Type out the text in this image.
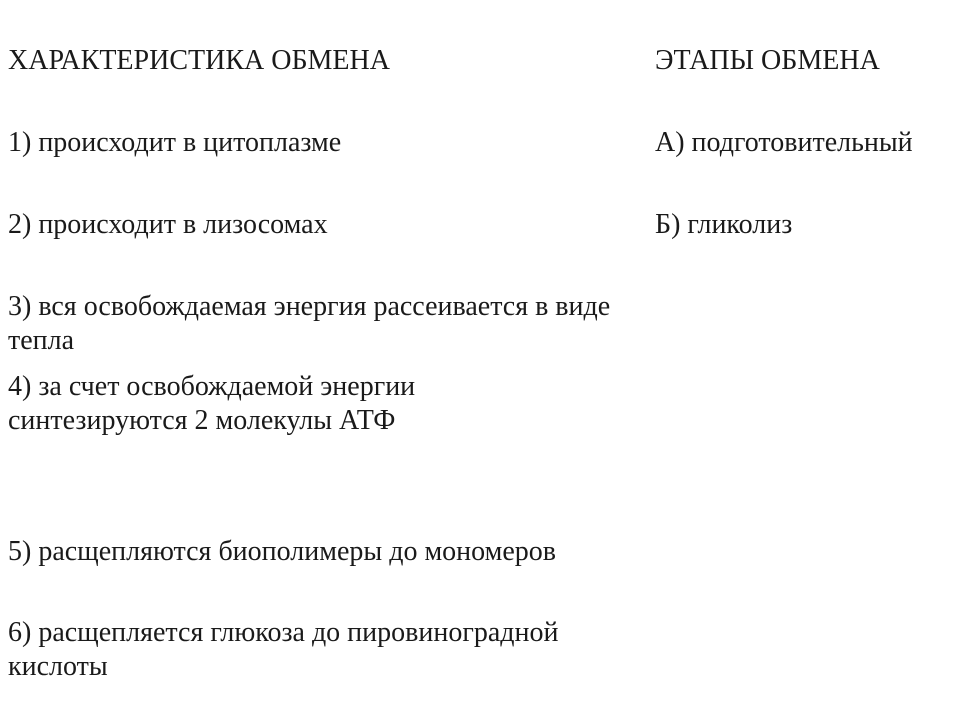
ХАРАКТЕРИСТИКА ОБМЕНА	ЭТАПЫ ОБМЕНА
1) происходит в цитоплазме
2) происходит в лизосомах
3) вся освобождаемая энергия рассеивается в виде тепла
4) за счет освобождаемой энергии синтезируются 2 молекулы АТФ
5) расщепляются биополимеры до мономеров
6) расщепляется глюкоза до пировиноградной кислоты
А) подготовительный
Б) гликолиз
